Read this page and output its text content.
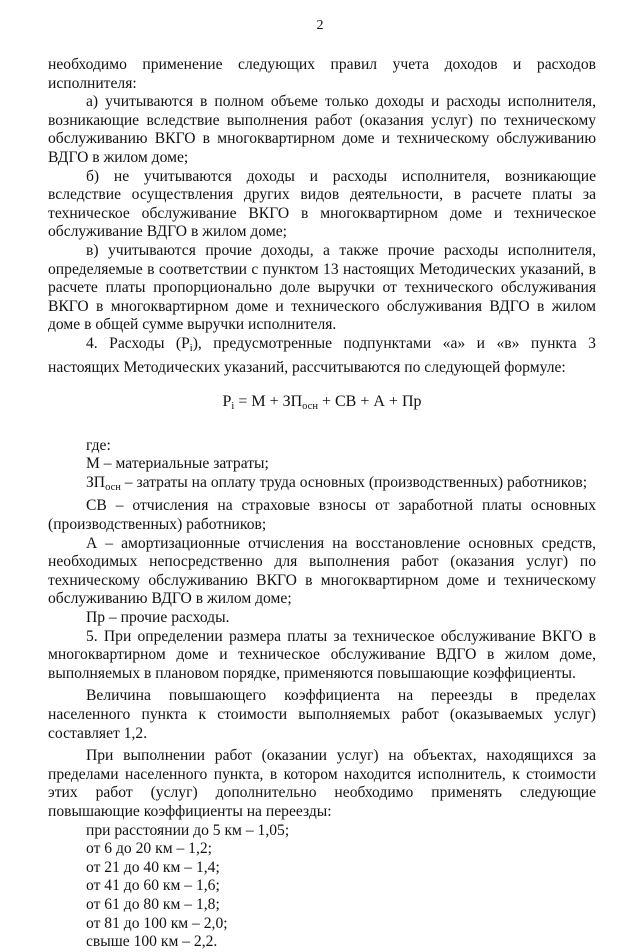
2

необходимо применение следующих правил учета доходов и расходов исполнителя:

а) учитываются в полном объеме только доходы и расходы исполнителя, возникающие вследствие выполнения работ (оказания услуг) по техническому обслуживанию ВКГО в многоквартирном доме и техническому обслуживанию ВДГО в жилом доме;

б) не учитываются доходы и расходы исполнителя, возникающие вследствие осуществления других видов деятельности, в расчете платы за техническое обслуживание ВКГО в многоквартирном доме и техническое обслуживание ВДГО в жилом доме;

в) учитываются прочие доходы, а также прочие расходы исполнителя, определяемые в соответствии с пунктом 13 настоящих Методических указаний, в расчете платы пропорционально доле выручки от технического обслуживания ВКГО в многоквартирном доме и технического обслуживания ВДГО в жилом доме в общей сумме выручки исполнителя.

4. Расходы $(P_i)$, предусмотренные подпунктами «а» и «в» пункта 3 настоящих Методических указаний, рассчитываются по следующей формуле:

$P_i = М + ЗП_{осн}$ + СВ + А + Пр

где:

М – материальные затраты;

$ЗП_{осн}$ – затраты на оплату труда основных (производственных) работников;

СВ – отчисления на страховые взносы от заработной платы основных (производственных) работников;

А – амортизационные отчисления на восстановление основных средств, необходимых непосредственно для выполнения работ (оказания услуг) по техническому обслуживанию ВКГО в многоквартирном доме и техническому обслуживанию ВДГО в жилом доме;

Пр – прочие расходы.

5. При определении размера платы за техническое обслуживание ВКГО в многоквартирном доме и техническое обслуживание ВДГО в жилом доме, выполняемых в плановом порядке, применяются повышающие коэффициенты.

Величина повышающего коэффициента на переезды в пределах населенного пункта к стоимости выполняемых работ (оказываемых услуг) составляет 1,2.

При выполнении работ (оказании услуг) на объектах, находящихся за пределами населенного пункта, в котором находится исполнитель, к стоимости этих работ (услуг) дополнительно необходимо применять следующие повышающие коэффициенты на переезды:

при расстоянии до 5 км – 1,05;

от 6 до 20 км – 1,2;

от 21 до 40 км – 1,4;

от 41 до 60 км – 1,6;

от 61 до 80 км – 1,8;

от 81 до 100 км – 2,0;

свыше 100 км – 2,2.
